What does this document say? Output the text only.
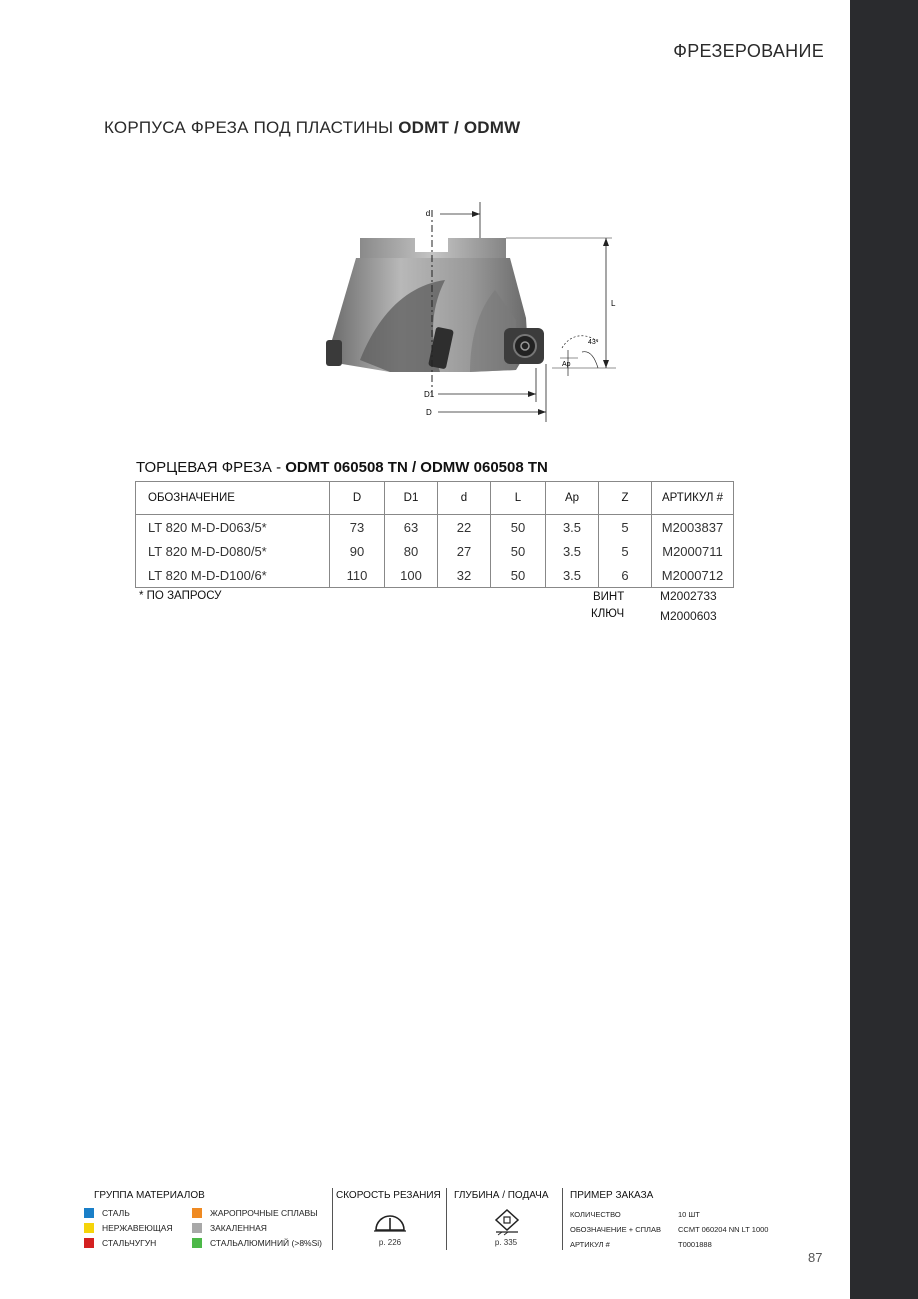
ФРЕЗЕРОВАНИЕ
КОРПУСА ФРЕЗА ПОД ПЛАСТИНЫ ODMT / ODMW
d
L
43°
Ap
D1
D
ТОРЦЕВАЯ ФРЕЗА - ODMT 060508 TN / ODMW 060508 TN
ОБОЗНАЧЕНИЕ	D	D1	d	L	Ap	Z	АРТИКУЛ #
LT 820 M-D-D063/5*	73	63	22	50	3.5	5	M2003837
LT 820 M-D-D080/5*	90	80	27	50	3.5	5	M2000711
LT 820 M-D-D100/6*	110	100	32	50	3.5	6	M2000712
* ПО ЗАПРОСУ	ВИНТ	M2002733
КЛЮЧ	M2000603
ГРУППА МАТЕРИАЛОВ
СТАЛЬ
НЕРЖАВЕЮЩАЯ
СТАЛЬЧУГУН
ЖАРОПРОЧНЫЕ СПЛАВЫ
ЗАКАЛЕННАЯ
СТАЛЬАЛЮМИНИЙ (>8%Si)
СКОРОСТЬ РЕЗАНИЯ
p. 226
ГЛУБИНА / ПОДАЧА
p. 335
ПРИМЕР ЗАКАЗА
КОЛИЧЕСТВО	10 ШТ
ОБОЗНАЧЕНИЕ + СПЛАВ CCMT 060204 NN LT 1000
АРТИКУЛ #	T0001888
87
